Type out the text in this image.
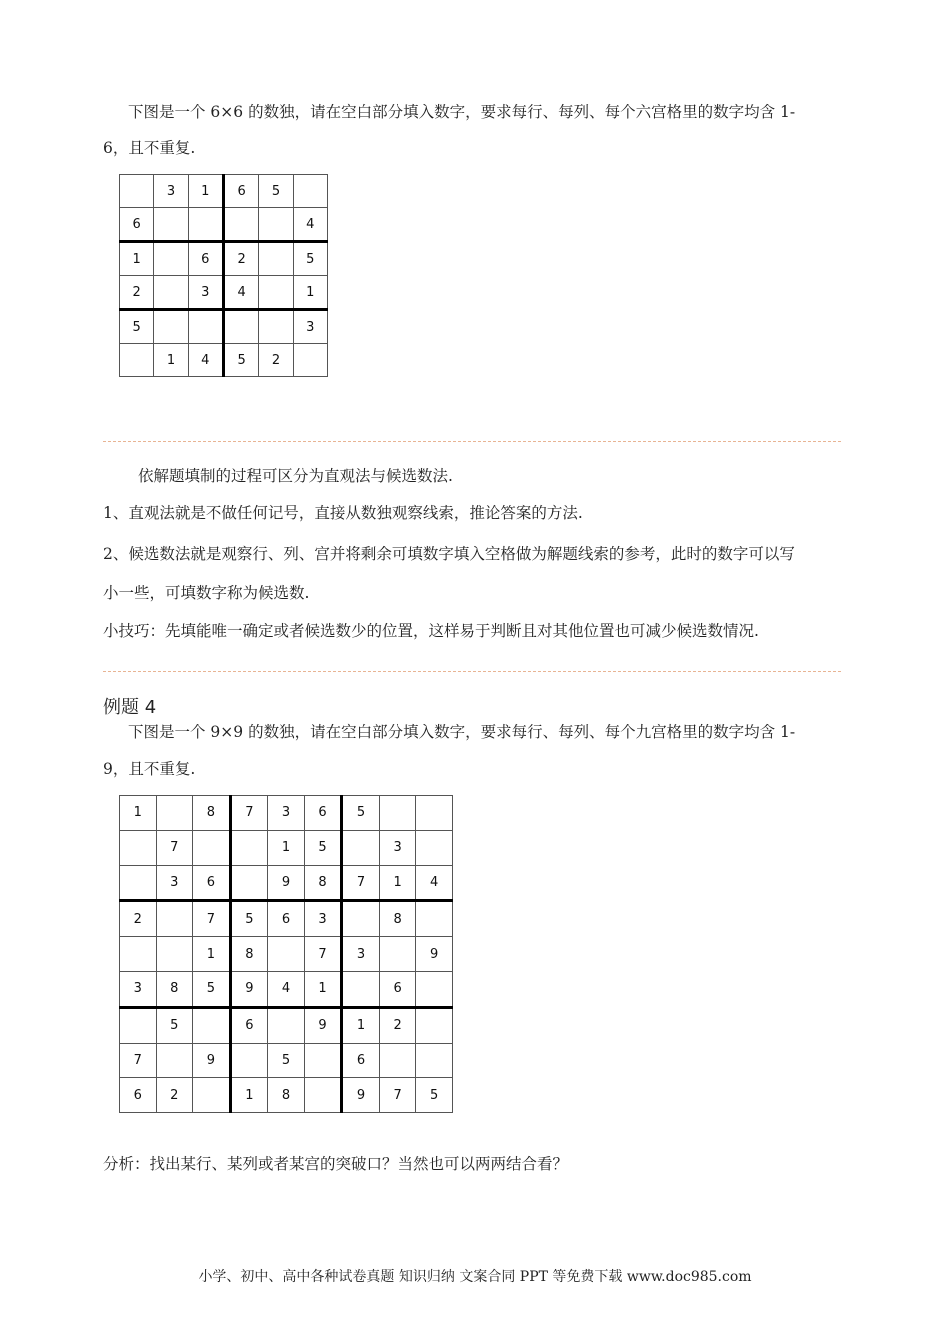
下图是一个 6×6 的数独，请在空白部分填入数字，要求每行、每列、每个六宫格里的数字均含 1-
6，且不重复.
	3	1	6	5	
6					4
1		6	2		5
2		3	4		1
5					3
	1	4	5	2	
依解题填制的过程可区分为直观法与候选数法.
1、直观法就是不做任何记号，直接从数独观察线索，推论答案的方法.
2、候选数法就是观察行、列、宫并将剩余可填数字填入空格做为解题线索的参考，此时的数字可以写
小一些，可填数字称为候选数.
小技巧：先填能唯一确定或者候选数少的位置，这样易于判断且对其他位置也可减少候选数情况.
例题 4
下图是一个 9×9 的数独，请在空白部分填入数字，要求每行、每列、每个九宫格里的数字均含 1-
9，且不重复.
1		8	7	3	6	5		
	7			1	5		3	
	3	6		9	8	7	1	4
2		7	5	6	3		8	
		1	8		7	3		9
3	8	5	9	4	1		6	
	5		6		9	1	2	
7		9		5		6		
6	2		1	8		9	7	5
分析：找出某行、某列或者某宫的突破口？当然也可以两两结合看？
小学、初中、高中各种试卷真题 知识归纳 文案合同 PPT 等免费下载 www.doc985.com
